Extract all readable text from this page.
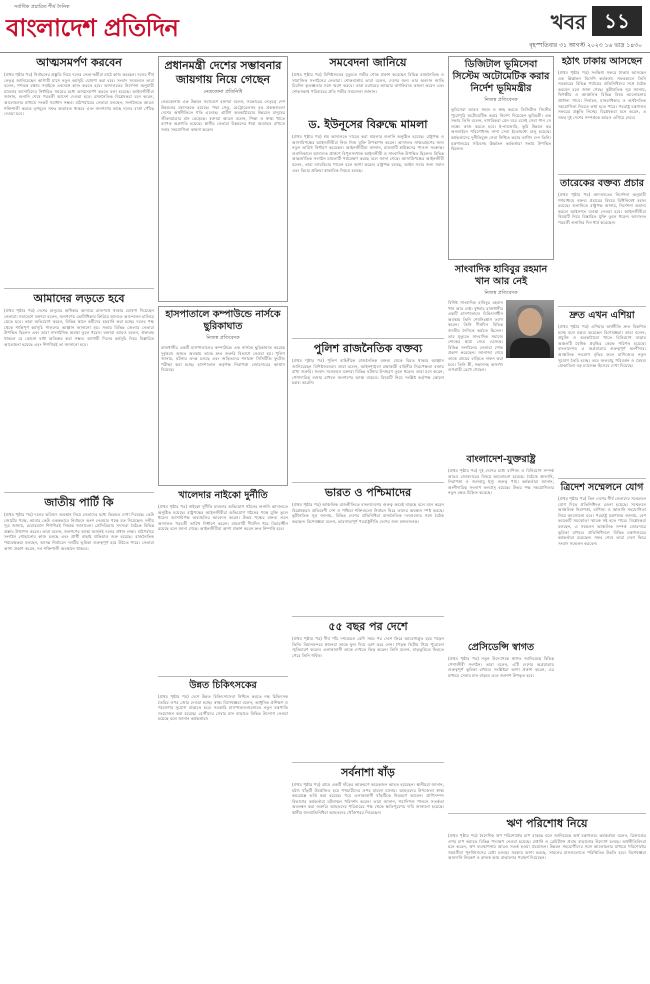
সর্বাধিক প্রচারিত শীর্ষ দৈনিক
বাংলাদেশ প্রতিদিন	খবর ১১
বৃহস্পতিবার ৩১ আগস্ট ২০২৩ ১৬ ভাদ্র ১৪৩০
আত্মসমর্পণ করবেন

(প্রথম পৃষ্ঠার পর) নির্বাচনের প্রস্তুতি নিয়ে দলের নেতা-কর্মীরা মাঠে কাজ করছেন। দলের শীর্ষ নেতৃত্ব জানিয়েছেন আগামী মাসে নতুন কর্মসূচি ঘোষণা করা হবে। সংবাদ সম্মেলনে তারা বলেন, গণতন্ত্র রক্ষায় সবাইকে একসঙ্গে কাজ করতে হবে। আদালতের নির্দেশনা অনুযায়ী মামলার আসামিদের নির্ধারিত সময়ের মধ্যে আত্মসমর্পণ করতে বলা হয়েছে। আইনজীবীরা জানান, শুনানি শেষে পরবর্তী আদেশ দেওয়া হবে। রাজনৈতিক বিশ্লেষকরা মনে করেন, আলোচনার মাধ্যমে সংকট সমাধান সম্ভব। মাঠপর্যায়ের নেতারা বলছেন, সংগঠনকে আরও শক্তিশালী করতে তৃণমূলে সফর অব্যাহত থাকবে এবং জনগণের কাছে দলের বার্তা পৌঁছে দেওয়া হবে।

আমাদের লড়তে হবে

(প্রথম পৃষ্ঠার পর) দেশের মানুষের অধিকার আদায়ে রাজপথে থাকার ঘোষণা দিয়েছেন নেতারা। সমাবেশে বক্তারা বলেন, জনগণের ভোটাধিকার ফিরিয়ে আনতে আন্দোলন চালিয়ে যেতে হবে। তারা অভিযোগ করেন, বিভিন্ন স্থানে কর্মীদের হয়রানি করা হচ্ছে। দলের পক্ষ থেকে শান্তিপূর্ণ কর্মসূচি পালনের আহ্বান জানানো হয়। সভায় বিভিন্ন জেলার নেতারা উপস্থিত ছিলেন এবং তারা সাংগঠনিক অবস্থা তুলে ধরেন। বক্তারা আরও বলেন, ঐক্যবদ্ধ থাকলে যে কোনো বাধা অতিক্রম করা সম্ভব। আগামী দিনের কর্মসূচি নিয়ে বিস্তারিত আলোচনা হয়েছে এবং শিগগিরই তা জানানো হবে।

জাতীয় পার্টি কি

(প্রথম পৃষ্ঠার পর) দলের ভবিষ্যৎ অবস্থান নিয়ে নেতাদের মধ্যে ভিন্নমত দেখা দিয়েছে। কেউ জোটের পক্ষে, আবার কেউ এককভাবে নির্বাচনে অংশ নেওয়ার পক্ষে মত দিয়েছেন। দলীয় সূত্র জানায়, চেয়ারম্যান শিগগিরই সিদ্ধান্ত জানাবেন। প্রেসিডিয়াম সদস্যরা বৈঠকে বিভিন্ন প্রস্তাব উত্থাপন করেন। তারা বলেন, জনগণের আস্থা অর্জনই দলের প্রধান লক্ষ্য। মাঠপর্যায়ে সংগঠন গোছানোর কাজ চলছে এবং প্রার্থী বাছাই প্রক্রিয়াও শুরু হয়েছে। রাজনৈতিক পর্যবেক্ষকরা বলছেন, আসন্ন নির্বাচনে দলটির ভূমিকা গুরুত্বপূর্ণ হয়ে উঠতে পারে। নেতারা আশা প্রকাশ করেন, দল শক্তিশালী অবস্থানে থাকবে।

প্রধানমন্ত্রী দেশের সম্ভাবনার জায়গায় নিয়ে গেছেন
নেত্রকোনা প্রতিনিধি

নেত্রকোনায় এক উন্নয়ন সমাবেশে বক্তারা বলেন, সরকারের নেতৃত্বে দেশ উন্নয়নের মহাসড়কে রয়েছে। পদ্মা সেতু, মেট্রোরেলসহ বড় প্রকল্পগুলো দেশের অর্থনীতিতে গতি এনেছে। গ্রামীণ অবকাঠামোর উন্নয়নে মানুষের জীবনযাত্রার মান বেড়েছে। বক্তারা আরও বলেন, শিক্ষা ও স্বাস্থ্য খাতে ব্যাপক অগ্রগতি হয়েছে। স্থানীয় নেতারা উন্নয়নের ধারা অব্যাহত রাখতে সবার সহযোগিতা কামনা করেন।

হাসপাতালে কম্পাউন্ডে নার্সকে ছুরিকাঘাত
নিজস্ব প্রতিবেদক

রাজধানীর একটি হাসপাতালের কম্পাউন্ডে এক নার্সকে ছুরিকাঘাত করেছে দুর্বৃত্তরা। আহত অবস্থায় তাকে দ্রুত জরুরি বিভাগে নেওয়া হয়। পুলিশ জানায়, ঘটনার তদন্ত চলছে এবং জড়িতদের শনাক্তে সিসিটিভি ফুটেজ পরীক্ষা করা হচ্ছে। হাসপাতাল কর্তৃপক্ষ নিরাপত্তা জোরদারের আশ্বাস দিয়েছে।

খালেদার নাইকো দুর্নীতি

(প্রথম পৃষ্ঠার পর) নাইকো দুর্নীতি মামলার অভিযোগ গঠনের শুনানি আদালতে অনুষ্ঠিত হয়েছে। রাষ্ট্রপক্ষের আইনজীবীরা অভিযোগ গঠনের পক্ষে যুক্তি তুলে ধরেন। আসামিপক্ষ অব্যাহতির আবেদন করেন। উভয় পক্ষের বক্তব্য শুনে আদালত পরবর্তী তারিখ নির্ধারণ করেন। মামলাটি দীর্ঘদিন ধরে বিচারাধীন রয়েছে বলে জানা গেছে। আইনজীবীরা আশা প্রকাশ করেন দ্রুত নিষ্পত্তি হবে।

উন্নত চিকিৎসকের

(প্রথম পৃষ্ঠার পর) দেশে উন্নত চিকিৎসাসেবা নিশ্চিত করতে দক্ষ চিকিৎসক তৈরির ওপর জোর দেওয়া হচ্ছে। স্বাস্থ্য বিশেষজ্ঞরা বলেন, আধুনিক প্রশিক্ষণ ও গবেষণার সুযোগ বাড়াতে হবে। সরকারি হাসপাতালগুলোতে নতুন যন্ত্রপাতি সংযোজন করা হয়েছে। রোগীদের সেবার মান বাড়াতে বিভিন্ন উদ্যোগ নেওয়া হয়েছে বলে জানান কর্মকর্তারা।

সমবেদনা জানিয়ে

(প্রথম পৃষ্ঠার পর) বিশিষ্টজনের মৃত্যুতে গভীর শোক প্রকাশ করেছেন বিভিন্ন রাজনৈতিক ও সামাজিক সংগঠনের নেতারা। শোকবার্তায় তারা বলেন, দেশের জন্য তার অবদান জাতি চিরদিন কৃতজ্ঞতার সঙ্গে স্মরণ করবে। তারা মরহুমের আত্মার মাগফিরাত কামনা করেন এবং শোকসন্তপ্ত পরিবারের প্রতি গভীর সমবেদনা জানান।

ড. ইউনূসের বিরুদ্ধে মামলা

(প্রথম পৃষ্ঠার পর) শ্রম আদালতে দায়ের করা মামলার শুনানি অনুষ্ঠিত হয়েছে। রাষ্ট্রপক্ষ ও আসামিপক্ষের আইনজীবীরা নিজ নিজ যুক্তি উপস্থাপন করেন। আদালত সাক্ষ্যগ্রহণের জন্য নতুন তারিখ নির্ধারণ করেছেন। আইনজীবীরা জানান, মামলাটি শ্রমিকদের পাওনা সংক্রান্ত। শুনানিকালে আদালত প্রাঙ্গণে বিপুলসংখ্যক আইনজীবী ও সাংবাদিক উপস্থিত ছিলেন। বিভিন্ন আন্তর্জাতিক সংগঠন মামলাটি পর্যবেক্ষণ করছে বলে জানা গেছে। আসামিপক্ষের আইনজীবী বলেন, তারা ন্যায়বিচার পাবেন বলে আশা করেন। রাষ্ট্রপক্ষ বলছে, আইন সবার জন্য সমান এবং বিচার প্রক্রিয়া স্বাভাবিক নিয়মে চলছে।

পুলিশ রাজনৈতিক বক্তব্য

(প্রথম পৃষ্ঠার পর) পুলিশ বাহিনীকে রাজনৈতিক বক্তব্য থেকে বিরত থাকার আহ্বান জানিয়েছেন বিশিষ্টজনেরা। তারা বলেন, আইনশৃঙ্খলা রক্ষাকারী বাহিনীর নিরপেক্ষতা বজায় রাখা জরুরি। সংবাদ সম্মেলনে বক্তারা বিভিন্ন ঘটনার উদাহরণ তুলে ধরেন। তারা মনে করেন, পেশাদারিত্ব বজায় রাখলে জনগণের আস্থা বাড়বে। বিষয়টি নিয়ে সংশ্লিষ্ট কর্তৃপক্ষ কোনো মন্তব্য করেনি।

ভারত ও পশ্চিমাদের

(প্রথম পৃষ্ঠার পর) আঞ্চলিক রাজনীতিতে বাংলাদেশের গুরুত্ব ক্রমেই বাড়ছে বলে মনে করেন বিশ্লেষকরা। প্রতিবেশী দেশ ও পশ্চিমা শক্তিগুলো নির্বাচন ঘিরে তাদের অবস্থান স্পষ্ট করছে। কূটনৈতিক সূত্র জানায়, বিভিন্ন দেশের প্রতিনিধিরা রাজনৈতিক দলগুলোর সঙ্গে বৈঠক করছেন। বিশেষজ্ঞরা বলেন, ভারসাম্যপূর্ণ পররাষ্ট্রনীতি দেশের জন্য মঙ্গলজনক।

৫৫ বছর পর দেশে

(প্রথম পৃষ্ঠার পর) দীর্ঘ পাঁচ দশকেরও বেশি সময় পর দেশে ফিরে আবেগাপ্লুত হয়ে পড়েন তিনি। বিমানবন্দরে স্বজনরা তাকে ফুল দিয়ে বরণ করে নেন। পৈতৃক ভিটায় গিয়ে পুরোনো স্মৃতিচারণ করেন। এলাকাবাসী তাকে দেখতে ভিড় করেন। তিনি বলেন, মাতৃভূমিতে ফিরতে পেরে তিনি গর্বিত।

সর্বনাশা ষাঁড়

(প্রথম পৃষ্ঠার পর) গ্রামে একটি ষাঁড়ের আক্রমণে কয়েকজন আহত হয়েছেন। স্থানীয়রা জানান, হঠাৎ ষাঁড়টি উত্তেজিত হয়ে পথচারীদের ওপর হামলা চালায়। আহতদের উপজেলা স্বাস্থ্য কমপ্লেক্সে ভর্তি করা হয়েছে। পরে এলাকাবাসী ষাঁড়টিকে নিয়ন্ত্রণে আনেন। প্রাণিসম্পদ বিভাগের কর্মকর্তারা ঘটনাস্থল পরিদর্শন করেন। তারা জানান, গবাদিপশু পালনে সতর্কতা অবলম্বন করা জরুরি। আহতদের পরিবারের পক্ষ থেকে ক্ষতিপূরণের দাবি জানানো হয়েছে। স্থানীয় জনপ্রতিনিধিরা আহতদের খোঁজখবর নিয়েছেন।

ডিজিটাল ভূমিসেবা সিস্টেম অটোমেটিক করার নির্দেশ ভূমিমন্ত্রীর
নিজস্ব প্রতিবেদক

ভূমিসেবা আরও সহজ ও স্বচ্ছ করতে ডিজিটাল সিস্টেম পুরোপুরি অটোমেটিক করার নির্দেশ দিয়েছেন ভূমিমন্ত্রী। এক সভায় তিনি বলেন, নাগরিকরা যেন ঘরে বসেই সেবা পান সে লক্ষ্যে কাজ করতে হবে। ই-নামজারি, ভূমি উন্নয়ন কর অনলাইনে পরিশোধসহ নানা সেবা ইতোমধ্যে চালু হয়েছে। কর্মকর্তাদের দুর্নীতিমুক্ত সেবা নিশ্চিত করার তাগিদ দেন তিনি। মন্ত্রণালয়ের সচিবসহ ঊর্ধ্বতন কর্মকর্তারা সভায় উপস্থিত ছিলেন।

সাংবাদিক হাবিবুর রহমান খান আর নেই
নিজস্ব প্রতিবেদক

বিশিষ্ট সাংবাদিক হাবিবুর রহমান খান আর নেই। বুধবার রাজধানীর একটি হাসপাতালে চিকিৎসাধীন অবস্থায় তিনি শেষনিঃশ্বাস ত্যাগ করেন। তিনি দীর্ঘদিন বিভিন্ন জাতীয় দৈনিকে কর্মরত ছিলেন। তার মৃত্যুতে সাংবাদিক সমাজে শোকের ছায়া নেমে এসেছে। বিভিন্ন সংগঠনের নেতারা শোক প্রকাশ করেছেন। জানাজা শেষে তাকে গ্রামের বাড়িতে দাফন করা হবে। তিনি স্ত্রী, সন্তানসহ অসংখ্য গুণগ্রাহী রেখে গেছেন।

বাংলাদেশ-যুক্তরাষ্ট্র

(প্রথম পৃষ্ঠার পর) দুই দেশের মধ্যে বাণিজ্য ও বিনিয়োগ সম্পর্ক আরও জোরদারের বিষয়ে আলোচনা হয়েছে। বৈঠকে জ্বালানি, নিরাপত্তা ও জলবায়ু ইস্যু গুরুত্ব পায়। কর্মকর্তারা জানান, অংশীদারিত্ব সংলাপ ফলপ্রসূ হয়েছে। উভয় পক্ষ সহযোগিতার নতুন ক্ষেত্র চিহ্নিত করেছে।

প্রেসিডেন্সি স্বাগত

(প্রথম পৃষ্ঠার পর) নতুন উদ্যোগকে স্বাগত জানিয়েছে বিভিন্ন পেশাজীবী সংগঠন। তারা বলেন, এটি দেশের অগ্রযাত্রায় গুরুত্বপূর্ণ ভূমিকা রাখবে। সংশ্লিষ্টরা আশা প্রকাশ করেন, এর মাধ্যমে সেবার মান বাড়বে এবং জনগণ উপকৃত হবে।

হঠাৎ ঢাকায় আসছেন

(প্রথম পৃষ্ঠার পর) সংক্ষিপ্ত সফরে ঢাকায় আসছেন এক ঊর্ধ্বতন বিদেশি কর্মকর্তা। সফরকালে তিনি সরকারের বিভিন্ন পর্যায়ের প্রতিনিধিদের সঙ্গে বৈঠক করবেন বলে জানা গেছে। কূটনৈতিক সূত্র জানায়, দ্বিপক্ষীয় ও আঞ্চলিক বিভিন্ন বিষয় আলোচনায় প্রাধান্য পাবে। নির্বাচন, মানবাধিকার ও অর্থনৈতিক সহযোগিতা নিয়েও কথা হতে পারে। পররাষ্ট্র মন্ত্রণালয় সফরের প্রস্তুতি নিচ্ছে। বিশ্লেষকরা মনে করেন, এ সফর দুই দেশের সম্পর্ককে আরও এগিয়ে নেবে।

তারেকের বক্তব্য প্রচার

(প্রথম পৃষ্ঠার পর) আদালতের নির্দেশনা অনুযায়ী গণমাধ্যমে বক্তব্য প্রচারের বিষয়ে বিধিনিষেধ বহাল রয়েছে। শুনানিতে রাষ্ট্রপক্ষ জানায়, নির্দেশনা অমান্য করলে আইনগত ব্যবস্থা নেওয়া হবে। আইনজীবীরা বিষয়টি নিয়ে বিস্তারিত যুক্তি তুলে ধরেন। আদালত পরবর্তী শুনানির দিন ধার্য করেছেন।

দ্রুত এখন এশিয়া

(প্রথম পৃষ্ঠার পর) এশিয়ার অর্থনীতি দ্রুত বিকশিত হচ্ছে বলে মন্তব্য করেছেন বিশেষজ্ঞরা। তারা বলেন, প্রযুক্তি ও অবকাঠামো খাতে বিনিয়োগ বাড়ায় অঞ্চলটি বৈশ্বিক প্রবৃদ্ধির কেন্দ্রে পরিণত হয়েছে। বাংলাদেশও এ অগ্রযাত্রায় গুরুত্বপূর্ণ অংশীদার। আঞ্চলিক সংযোগ বৃদ্ধির ফলে বাণিজ্যের নতুন সুযোগ তৈরি হচ্ছে। তবে জলবায়ু পরিবর্তন ও বৈষম্য মোকাবিলা বড় চ্যালেঞ্জ হিসেবে দেখা দিয়েছে।

ত্রিদেশ সম্মেলনে যোগ

(প্রথম পৃষ্ঠার পর) তিন দেশের শীর্ষ নেতাদের সম্মেলনে যোগ দিতে প্রতিনিধিদল রওনা হয়েছে। সম্মেলনে আঞ্চলিক নিরাপত্তা, বাণিজ্য ও জ্বালানি সহযোগিতা নিয়ে আলোচনা হবে। পররাষ্ট্র মন্ত্রণালয় জানায়, বেশ কয়েকটি সমঝোতা স্মারক সই হতে পারে। বিশ্লেষকরা বলছেন, এ সম্মেলন আঞ্চলিক সম্পর্ক জোরদারে ভূমিকা রাখবে। প্রতিনিধিদলে বিভিন্ন মন্ত্রণালয়ের কর্মকর্তারা রয়েছেন। সফর শেষে তারা দেশে ফিরে সংবাদ সম্মেলন করবেন।

ঋণ পরিশোধ নিয়ে

(প্রথম পৃষ্ঠার পর) বৈদেশিক ঋণ পরিশোধের চাপ বাড়ছে বলে জানিয়েছে অর্থ মন্ত্রণালয়। কর্মকর্তারা বলেন, রিজার্ভের ওপর চাপ কমাতে বিভিন্ন পদক্ষেপ নেওয়া হয়েছে। রপ্তানি ও রেমিট্যান্স প্রবাহ বাড়ানোর উদ্যোগ চলছে। অর্থনীতিবিদরা মনে করেন, ঋণ ব্যবস্থাপনায় আরও সতর্ক হওয়া প্রয়োজন। উন্নয়ন সহযোগীদের সঙ্গে আলোচনার মাধ্যমে পরিশোধের সময়সীমা পুনর্বিন্যাসের চেষ্টা চলছে। সরকার আশা করছে, সামনের মাসগুলোতে পরিস্থিতির উন্নতি হবে। বিশেষজ্ঞরা আমদানি নিয়ন্ত্রণ ও রাজস্ব আয় বাড়ানোর পরামর্শ দিয়েছেন।
